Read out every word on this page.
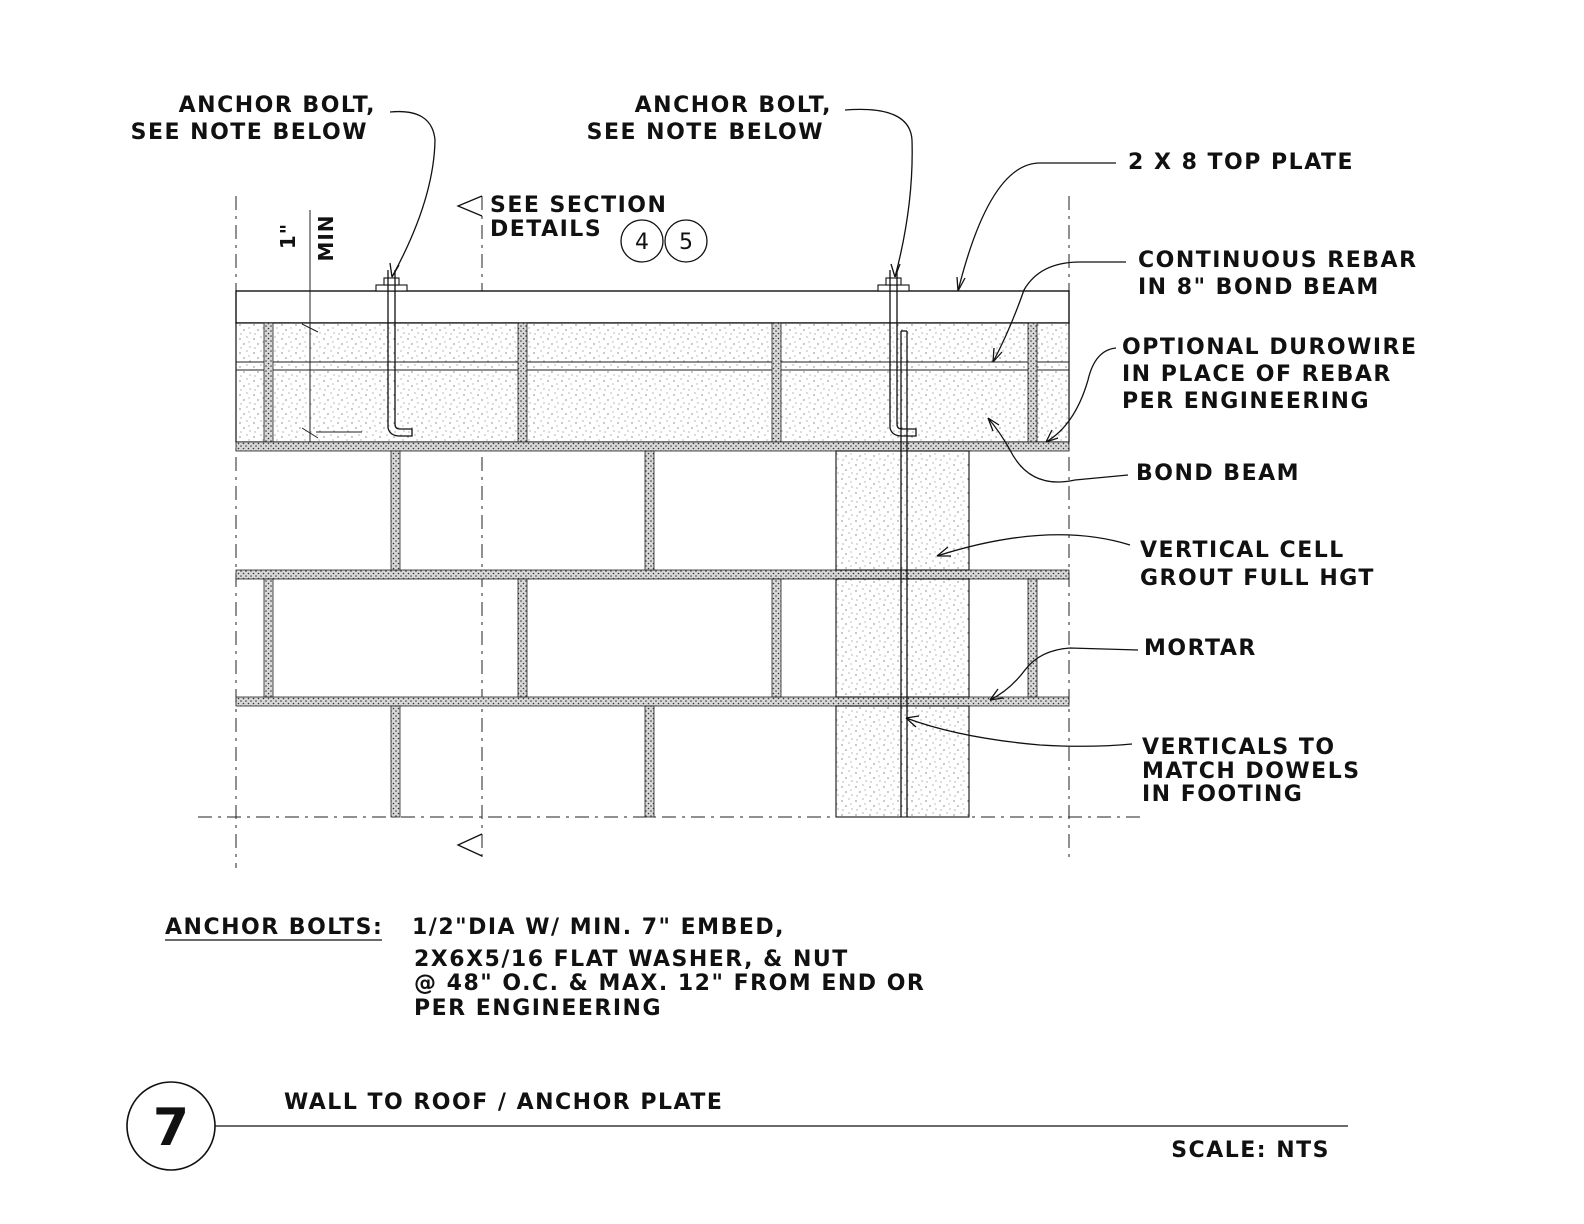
4 5
ANCHOR BOLT,
SEE NOTE BELOW
ANCHOR BOLT,
SEE NOTE BELOW
2 X 8 TOP PLATE
SEE SECTION
DETAILS
CONTINUOUS REBAR
IN 8" BOND BEAM
OPTIONAL DUROWIRE
IN PLACE OF REBAR
PER ENGINEERING
BOND BEAM
VERTICAL CELL
GROUT FULL HGT
MORTAR
VERTICALS TO
MATCH DOWELS
IN FOOTING
1" MIN
ANCHOR BOLTS: 1/2"DIA W/ MIN. 7" EMBED,
2X6X5/16 FLAT WASHER, & NUT
@ 48" O.C. & MAX. 12" FROM END OR
PER ENGINEERING
7	WALL TO ROOF / ANCHOR PLATE
SCALE: NTS
